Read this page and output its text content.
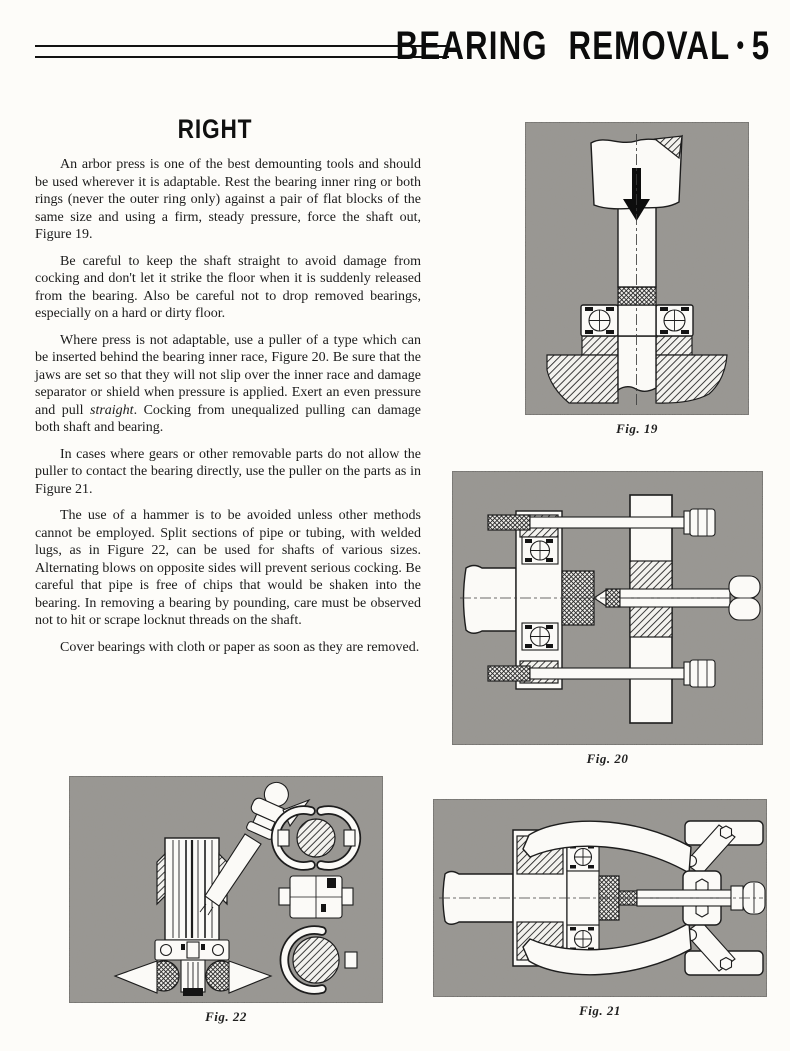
BEARING REMOVAL • 5
RIGHT

An arbor press is one of the best demounting tools and should be used wherever it is adaptable. Rest the bearing inner ring or both rings (never the outer ring only) against a pair of flat blocks of the same size and using a firm, steady pressure, force the shaft out, Figure 19.

Be careful to keep the shaft straight to avoid damage from cocking and don't let it strike the floor when it is suddenly released from the bearing. Also be careful not to drop removed bearings, especially on a hard or dirty floor.

Where press is not adaptable, use a puller of a type which can be inserted behind the bearing inner race, Figure 20. Be sure that the jaws are set so that they will not slip over the inner race and damage separator or shield when pressure is applied. Exert an even pressure and pull straight. Cocking from unequalized pulling can damage both shaft and bearing.

In cases where gears or other removable parts do not allow the puller to contact the bearing directly, use the puller on the parts as in Figure 21.

The use of a hammer is to be avoided unless other methods cannot be employed. Split sections of pipe or tubing, with welded lugs, as in Figure 22, can be used for shafts of various sizes. Alternating blows on opposite sides will prevent serious cocking. Be careful that pipe is free of chips that would be shaken into the bearing. In removing a bearing by pounding, care must be observed not to hit or scrape locknut threads on the shaft.

Cover bearings with cloth or paper as soon as they are removed.

Fig. 19
Fig. 20
Fig. 21
Fig. 22
